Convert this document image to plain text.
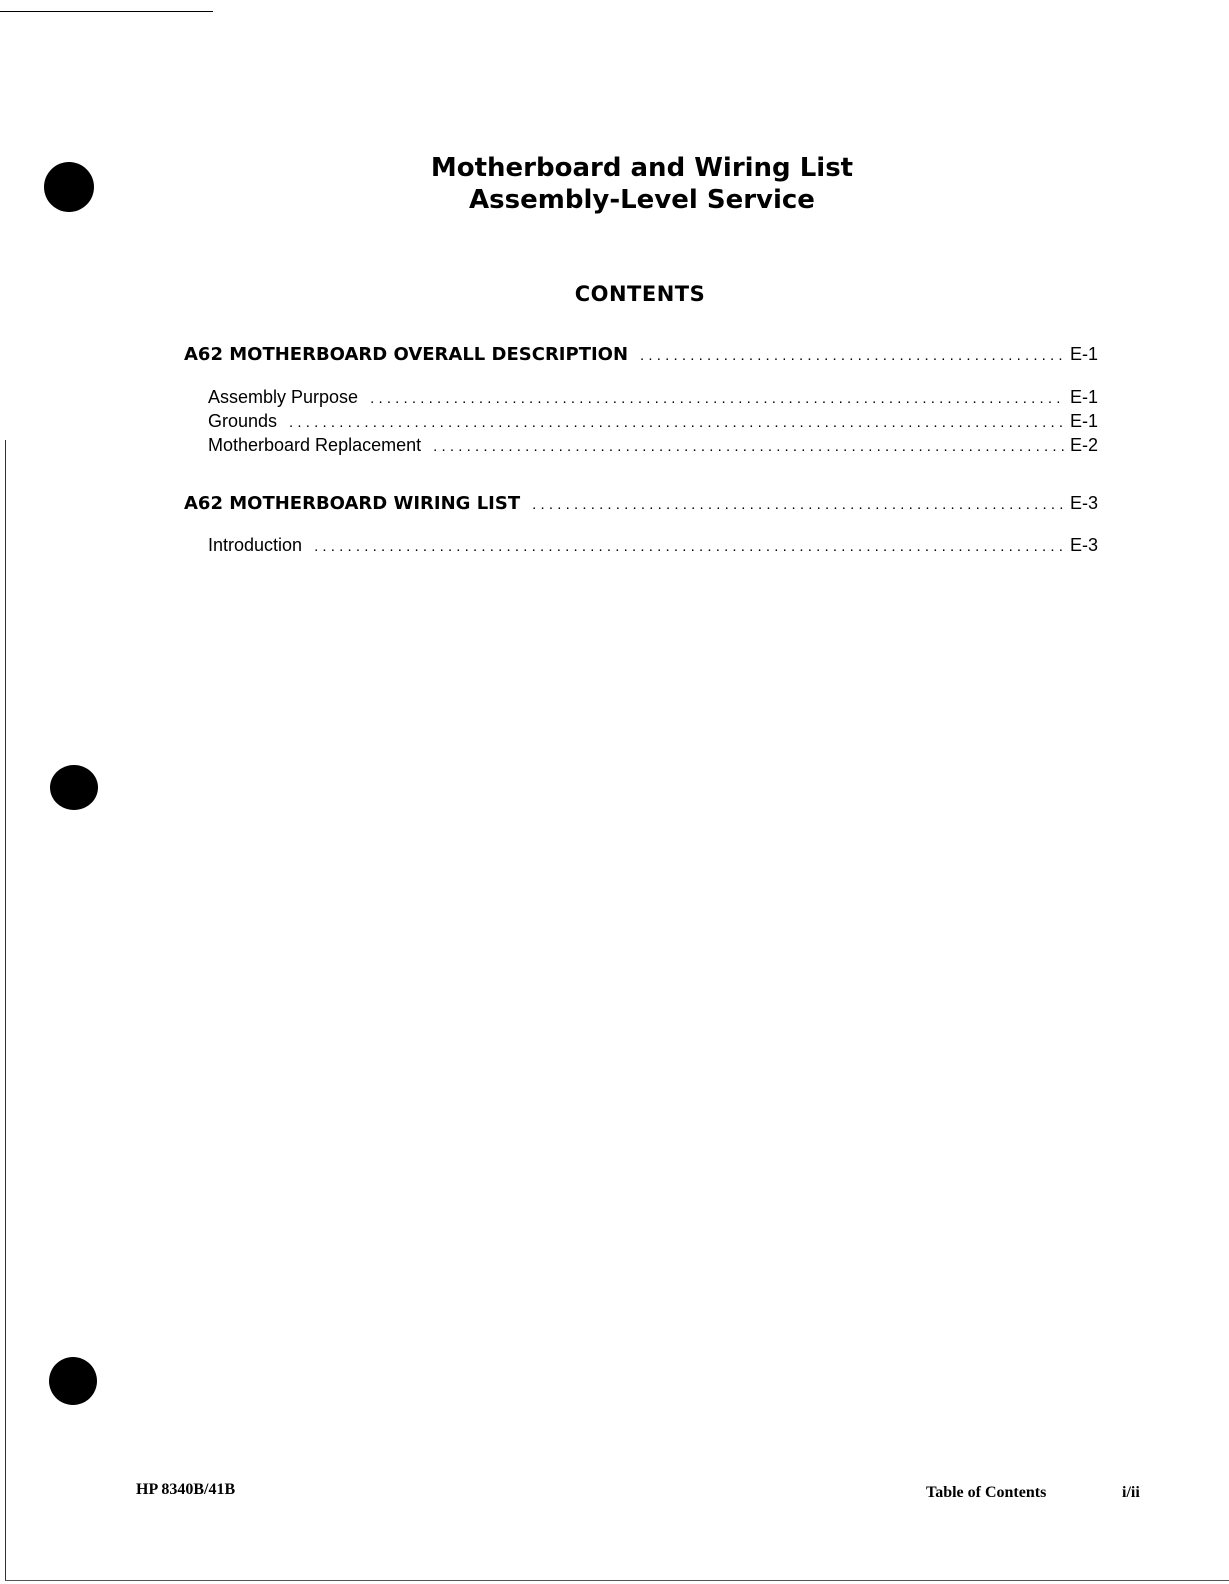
Motherboard and Wiring List
Assembly-Level Service
CONTENTS
A62 MOTHERBOARD OVERALL DESCRIPTION .....	E-1
Assembly Purpose .....	E-1
Grounds .....	E-1
Motherboard Replacement .....	E-2
A62 MOTHERBOARD WIRING LIST .....	E-3
Introduction .....	E-3
HP 8340B/41B	Table of Contents	i/ii
